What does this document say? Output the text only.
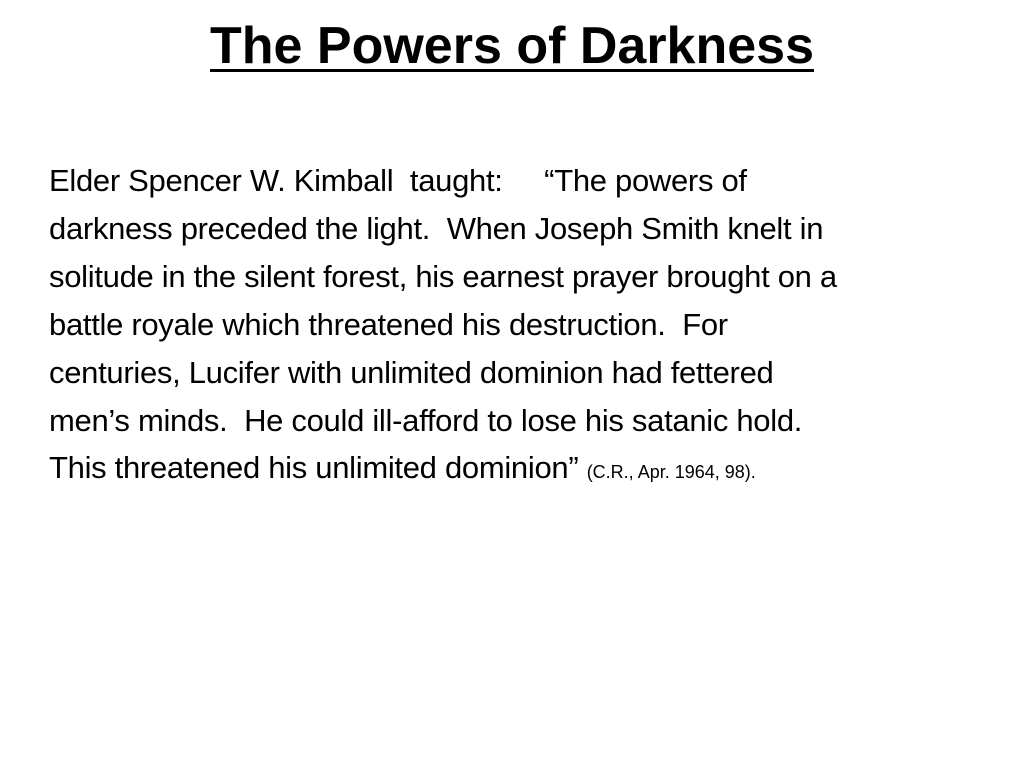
The Powers of Darkness

Elder Spencer W. Kimball  taught:     “The powers of
darkness preceded the light.  When Joseph Smith knelt in
solitude in the silent forest, his earnest prayer brought on a
battle royale which threatened his destruction.  For
centuries, Lucifer with unlimited dominion had fettered
men’s minds.  He could ill-afford to lose his satanic hold.
This threatened his unlimited dominion” (C.R., Apr. 1964, 98).
